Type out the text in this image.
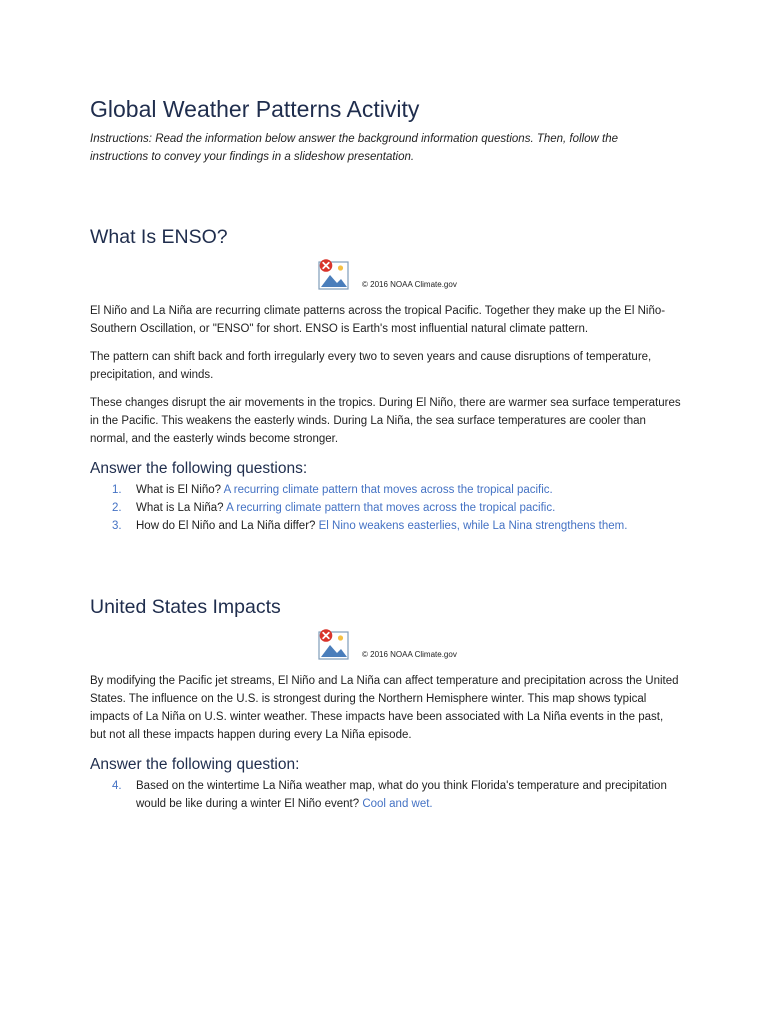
Global Weather Patterns Activity

Instructions: Read the information below answer the background information questions. Then, follow the instructions to convey your findings in a slideshow presentation.

What Is ENSO?
© 2016 NOAA Climate.gov

El Niño and La Niña are recurring climate patterns across the tropical Pacific. Together they make up the El Niño-Southern Oscillation, or "ENSO" for short. ENSO is Earth's most influential natural climate pattern.

The pattern can shift back and forth irregularly every two to seven years and cause disruptions of temperature, precipitation, and winds.

These changes disrupt the air movements in the tropics. During El Niño, there are warmer sea surface temperatures in the Pacific. This weakens the easterly winds. During La Niña, the sea surface temperatures are cooler than normal, and the easterly winds become stronger.

Answer the following questions:
1. What is El Niño? A recurring climate pattern that moves across the tropical pacific.
2. What is La Niña? A recurring climate pattern that moves across the tropical pacific.
3. How do El Niño and La Niña differ? El Nino weakens easterlies, while La Nina strengthens them.
United States Impacts
© 2016 NOAA Climate.gov

By modifying the Pacific jet streams, El Niño and La Niña can affect temperature and precipitation across the United States. The influence on the U.S. is strongest during the Northern Hemisphere winter. This map shows typical impacts of La Niña on U.S. winter weather. These impacts have been associated with La Niña events in the past, but not all these impacts happen during every La Niña episode.

Answer the following question:
4. Based on the wintertime La Niña weather map, what do you think Florida's temperature and precipitation would be like during a winter El Niño event? Cool and wet.
